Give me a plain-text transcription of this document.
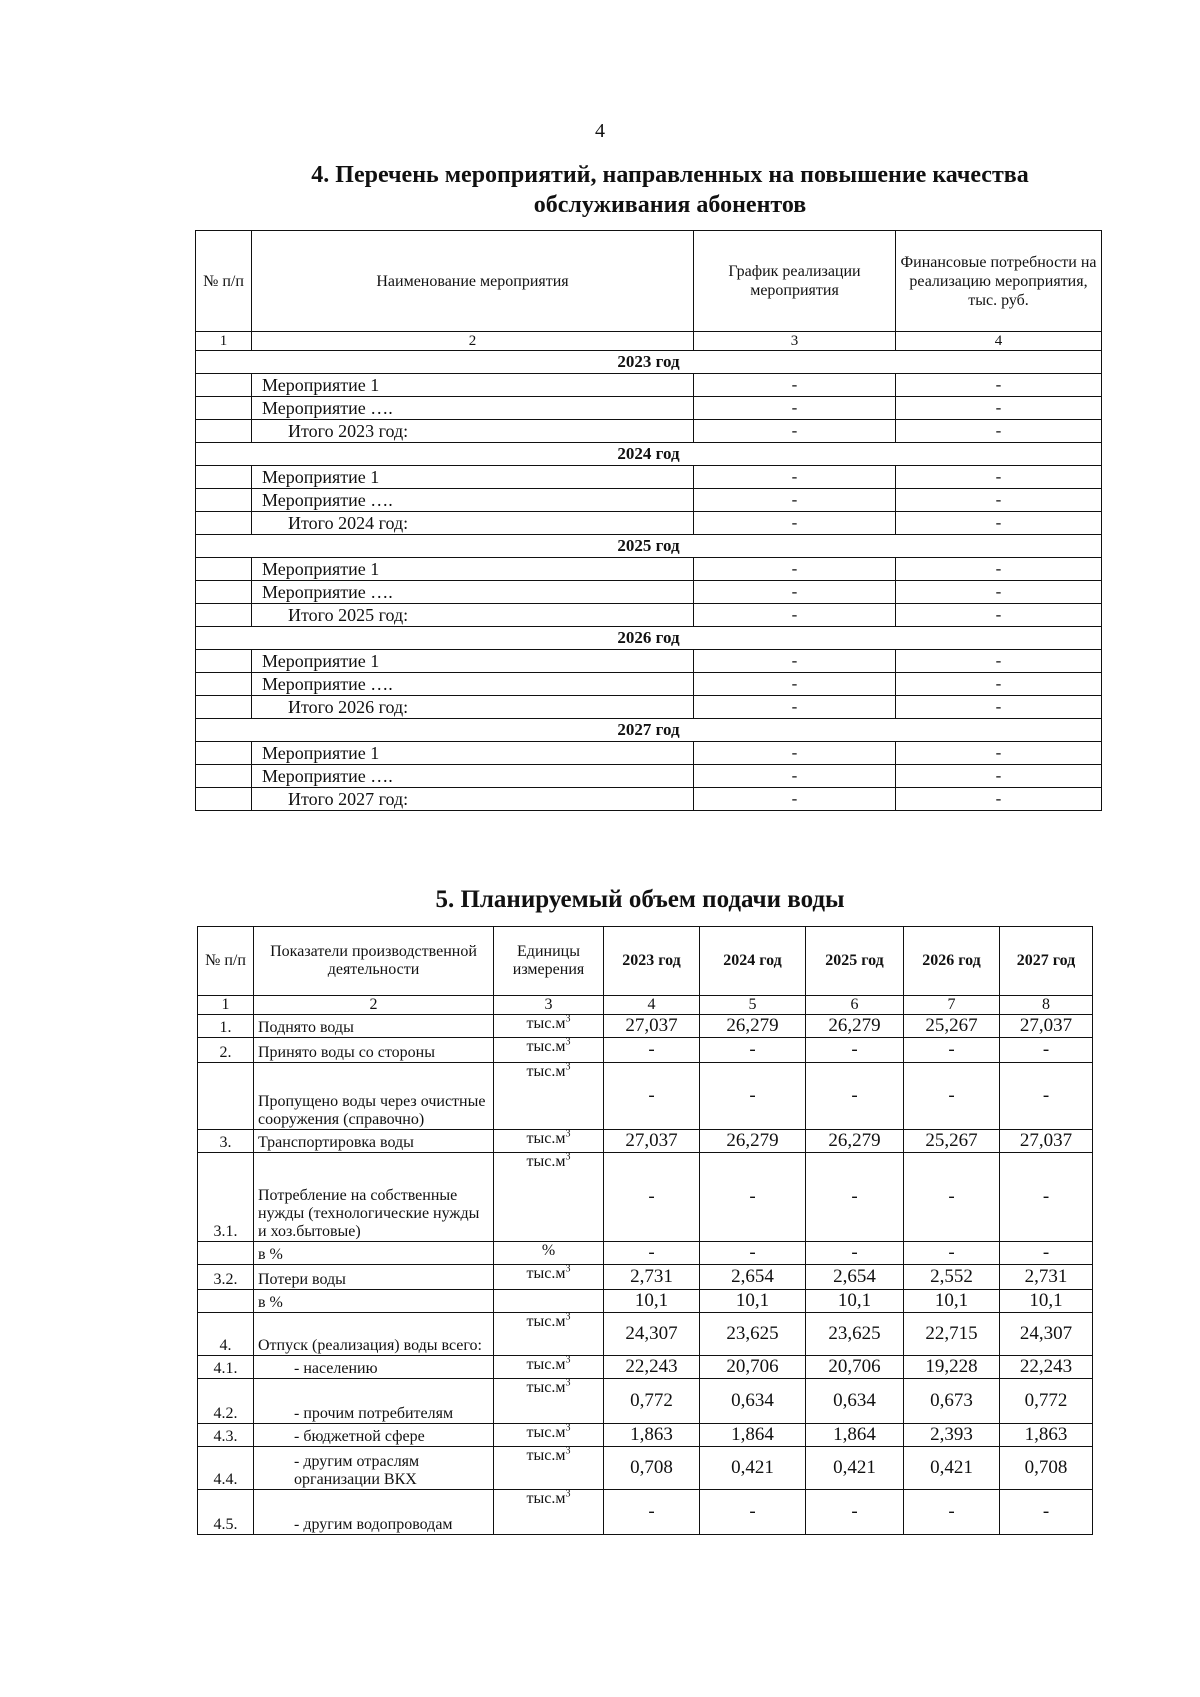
4
4. Перечень мероприятий, направленных на повышение качества обслуживания абонентов
№ п/п	Наименование мероприятия	График реализации мероприятия	Финансовые потребности на реализацию мероприятия, тыс. руб.
1	2	3	4
2023 год			
	Мероприятие 1	-	-
	Мероприятие ….	-	-
	Итого 2023 год:	-	-
2024 год			
	Мероприятие 1	-	-
	Мероприятие ….	-	-
	Итого 2024 год:	-	-
2025 год			
	Мероприятие 1	-	-
	Мероприятие ….	-	-
	Итого 2025 год:	-	-
2026 год			
	Мероприятие 1	-	-
	Мероприятие ….	-	-
	Итого 2026 год:	-	-
2027 год			
	Мероприятие 1	-	-
	Мероприятие ….	-	-
	Итого 2027 год:	-	-
5. Планируемый объем подачи воды
№ п/п	Показатели производственной деятельности	Единицы измерения	2023 год	2024 год	2025 год	2026 год	2027 год
1	2	3	4	5	6	7	8
1.	Поднято воды	$тыс.м^3$	27,037	26,279	26,279	25,267	27,037
2.	Принято воды со стороны	$тыс.м^3$	-	-	-	-	-
	Пропущено воды через очистные сооружения (справочно)	$тыс.м^3$	-	-	-	-	-
3.	Транспортировка воды	$тыс.м^3$	27,037	26,279	26,279	25,267	27,037
3.1.	Потребление на собственные нужды (технологические нужды и хоз.бытовые)	$тыс.м^3$	-	-	-	-	-
	в %	%	-	-	-	-	-
3.2.	Потери воды	$тыс.м^3$	2,731	2,654	2,654	2,552	2,731
	в %		10,1	10,1	10,1	10,1	10,1
4.	Отпуск (реализация) воды всего:	$тыс.м^3$	24,307	23,625	23,625	22,715	24,307
4.1.	- населению	$тыс.м^3$	22,243	20,706	20,706	19,228	22,243
4.2.	- прочим потребителям	$тыс.м^3$	0,772	0,634	0,634	0,673	0,772
4.3.	- бюджетной сфере	$тыс.м^3$	1,863	1,864	1,864	2,393	1,863
4.4.	- другим отраслям организации ВКХ	$тыс.м^3$	0,708	0,421	0,421	0,421	0,708
4.5.	- другим водопроводам	$тыс.м^3$	-	-	-	-	-
